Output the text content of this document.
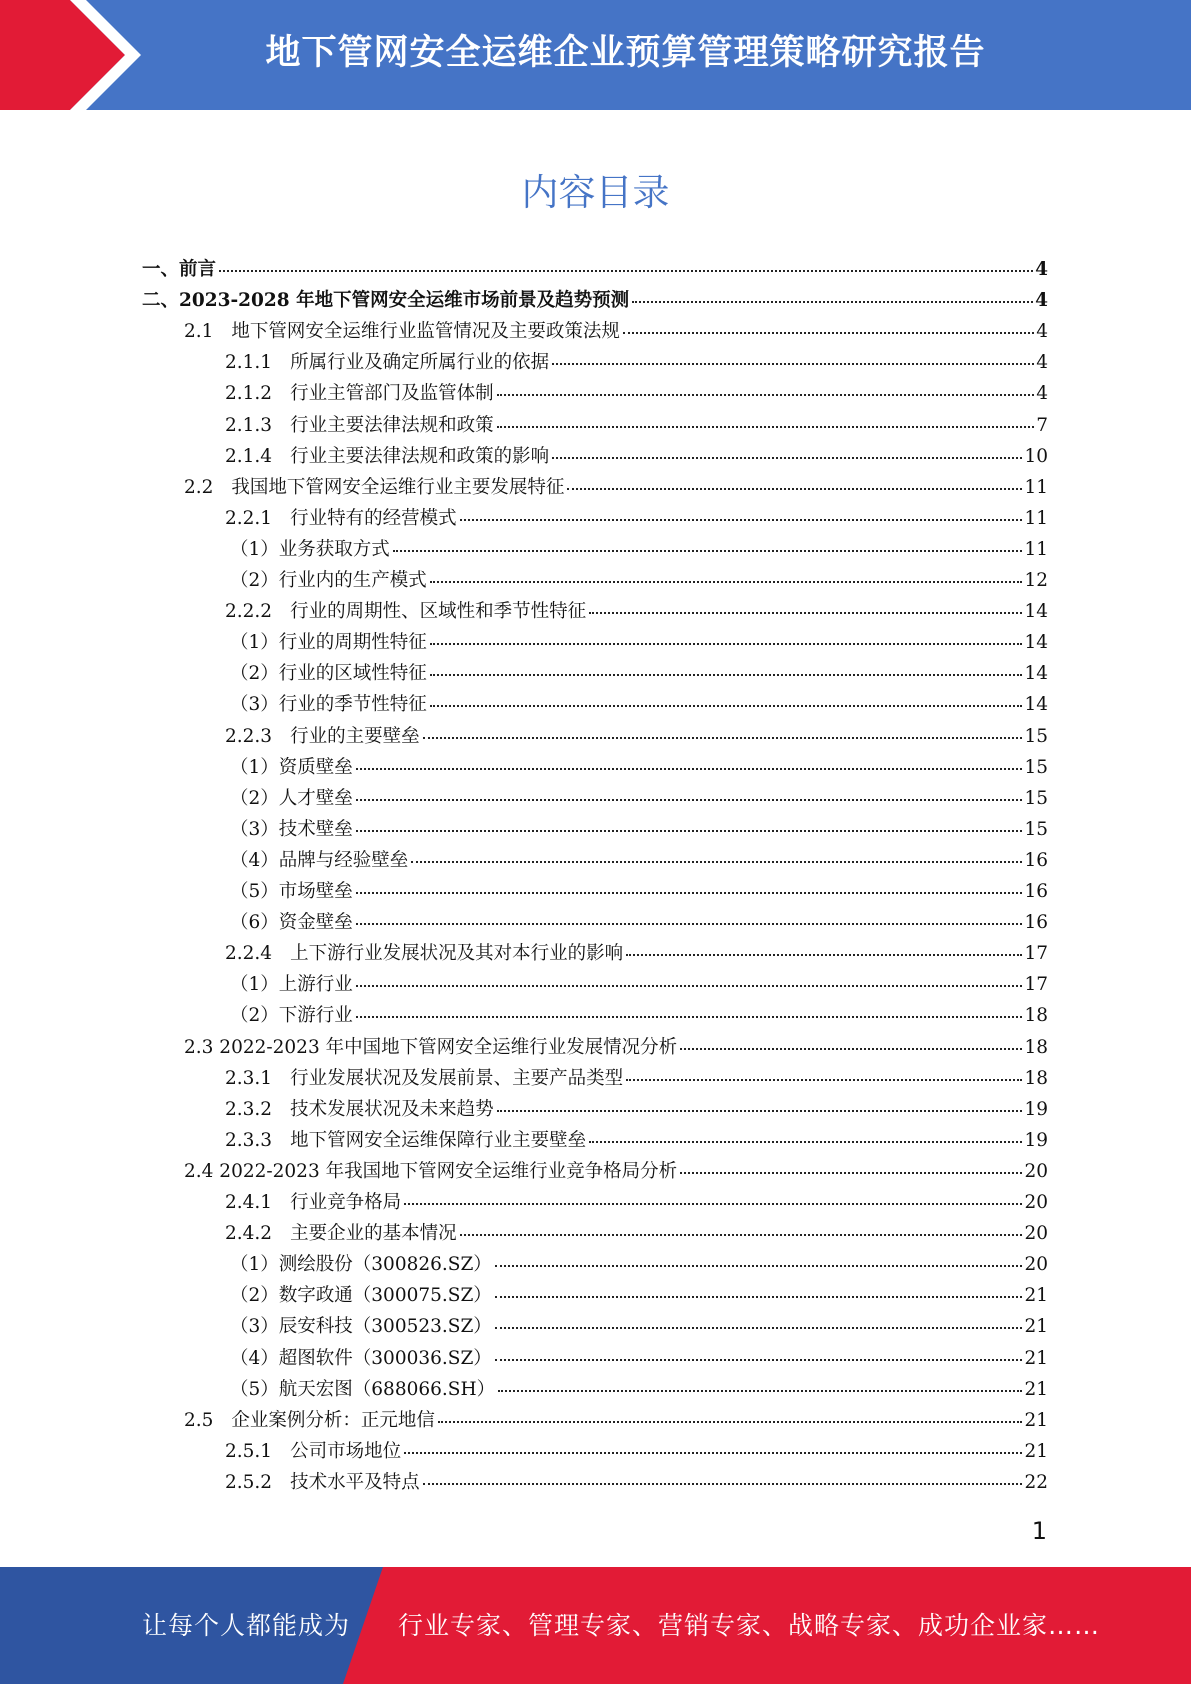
地下管网安全运维企业预算管理策略研究报告
内容目录
一、 前言	4
二、 2023-2028 年地下管网安全运维市场前景及趋势预测	4
2.1 地下管网安全运维行业监管情况及主要政策法规	4
2.1.1 所属行业及确定所属行业的依据	4
2.1.2 行业主管部门及监管体制	4
2.1.3 行业主要法律法规和政策	7
2.1.4 行业主要法律法规和政策的影响	10
2.2 我国地下管网安全运维行业主要发展特征	11
2.2.1 行业特有的经营模式	11
（1） 业务获取方式	11
（2） 行业内的生产模式	12
2.2.2 行业的周期性、区域性和季节性特征	14
（1） 行业的周期性特征	14
（2） 行业的区域性特征	14
（3） 行业的季节性特征	14
2.2.3 行业的主要壁垒	15
（1） 资质壁垒	15
（2） 人才壁垒	15
（3） 技术壁垒	15
（4） 品牌与经验壁垒	16
（5） 市场壁垒	16
（6） 资金壁垒	16
2.2.4 上下游行业发展状况及其对本行业的影响	17
（1） 上游行业	17
（2） 下游行业	18
2.3 2022-2023 年中国地下管网安全运维行业发展情况分析	18
2.3.1 行业发展状况及发展前景、主要产品类型	18
2.3.2 技术发展状况及未来趋势	19
2.3.3 地下管网安全运维保障行业主要壁垒	19
2.4 2022-2023 年我国地下管网安全运维行业竞争格局分析	20
2.4.1 行业竞争格局	20
2.4.2 主要企业的基本情况	20
（1） 测绘股份（300826.SZ）	20
（2） 数字政通（300075.SZ）	21
（3） 辰安科技（300523.SZ）	21
（4） 超图软件（300036.SZ）	21
（5） 航天宏图（688066.SH）	21
2.5 企业案例分析：正元地信	21
2.5.1 公司市场地位	21
2.5.2 技术水平及特点	22
1
让每个人都能成为 行业专家、管理专家、营销专家、战略专家、成功企业家……
